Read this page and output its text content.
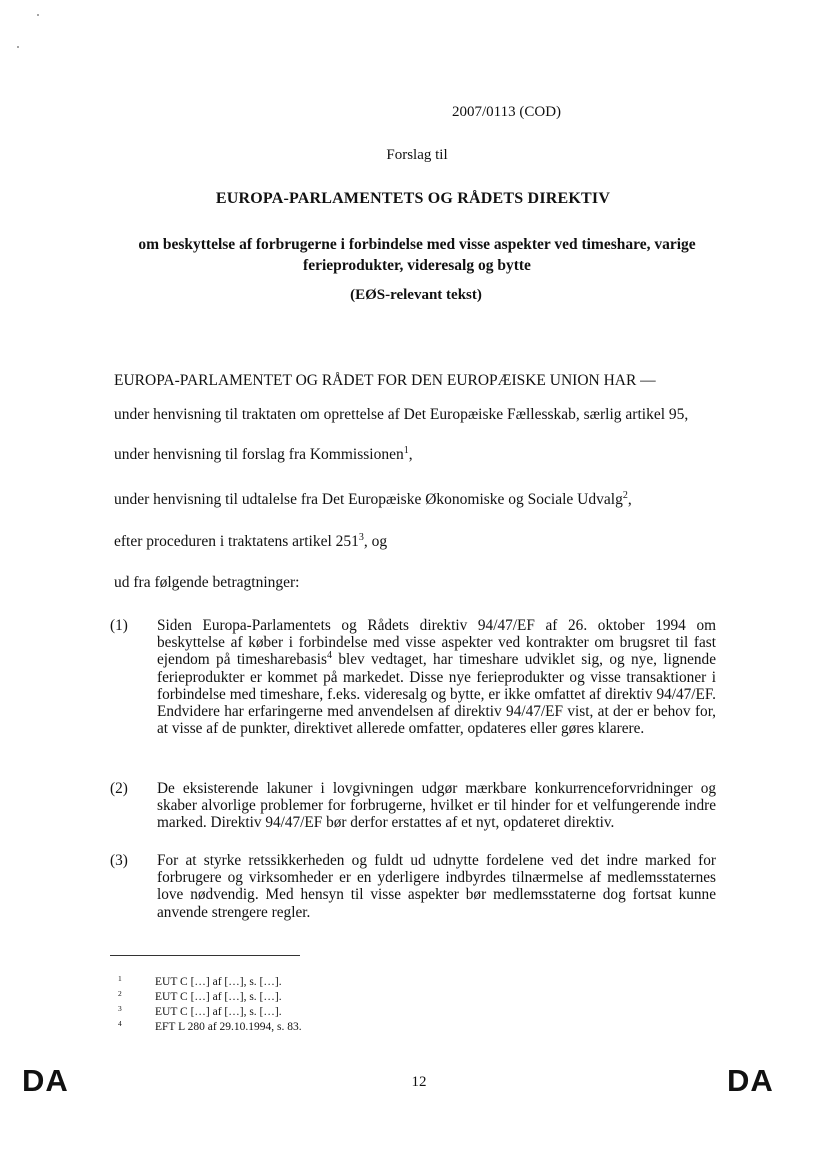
2007/0113 (COD)
Forslag til
EUROPA-PARLAMENTETS OG RÅDETS DIREKTIV
om beskyttelse af forbrugerne i forbindelse med visse aspekter ved timeshare, varige
ferieprodukter, videresalg og bytte
(EØS-relevant tekst)
EUROPA-PARLAMENTET OG RÅDET FOR DEN EUROPÆISKE UNION HAR —
under henvisning til traktaten om oprettelse af Det Europæiske Fællesskab, særlig artikel 95,
under henvisning til forslag fra Kommissionen$^1$,
under henvisning til udtalelse fra Det Europæiske Økonomiske og Sociale Udvalg$^2$,
efter proceduren i traktatens artikel $251^3$, og
ud fra følgende betragtninger:
(1) Siden Europa-Parlamentets og Rådets direktiv 94/47/EF af 26. oktober 1994 om beskyttelse af køber i forbindelse med visse aspekter ved kontrakter om brugsret til fast ejendom på timesharebasis$^4$ blev vedtaget, har timeshare udviklet sig, og nye, lignende ferieprodukter er kommet på markedet. Disse nye ferieprodukter og visse transaktioner i forbindelse med timeshare, f.eks. videresalg og bytte, er ikke omfattet af direktiv 94/47/EF. Endvidere har erfaringerne med anvendelsen af direktiv 94/47/EF vist, at der er behov for, at visse af de punkter, direktivet allerede omfatter, opdateres eller gøres klarere.
(2) De eksisterende lakuner i lovgivningen udgør mærkbare konkurrenceforvridninger og skaber alvorlige problemer for forbrugerne, hvilket er til hinder for et velfungerende indre marked. Direktiv 94/47/EF bør derfor erstattes af et nyt, opdateret direktiv.
(3) For at styrke retssikkerheden og fuldt ud udnytte fordelene ved det indre marked for forbrugere og virksomheder er en yderligere indbyrdes tilnærmelse af medlemsstaternes love nødvendig. Med hensyn til visse aspekter bør medlemsstaterne dog fortsat kunne anvende strengere regler.
1	EUT C […] af […], s. […].
2	EUT C […] af […], s. […].
3	EUT C […] af […], s. […].
4	EFT L 280 af 29.10.1994, s. 83.
DA	12	DA
